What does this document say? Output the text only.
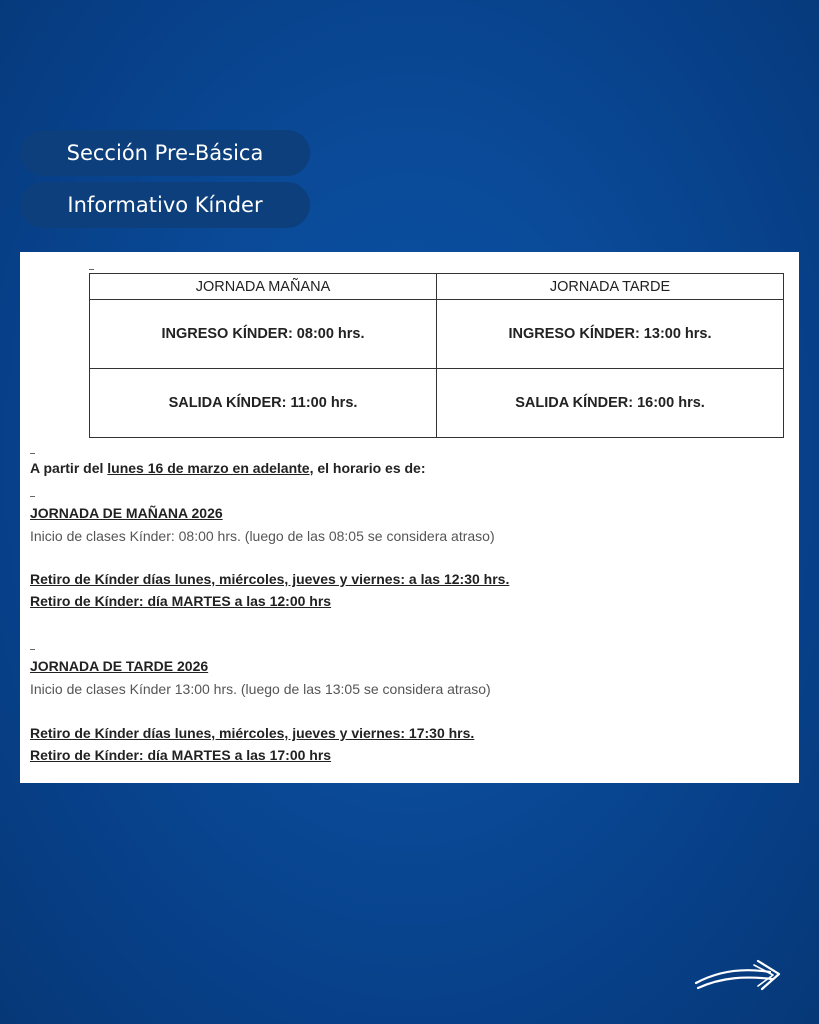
Sección Pre-Básica
Informativo Kínder
JORNADA MAÑANA	JORNADA TARDE
INGRESO KÍNDER: 08:00 hrs.	INGRESO KÍNDER: 13:00 hrs.
SALIDA KÍNDER: 11:00 hrs.	SALIDA KÍNDER: 16:00 hrs.
A partir del lunes 16 de marzo en adelante, el horario es de:
JORNADA DE MAÑANA 2026
Inicio de clases Kínder: 08:00 hrs. (luego de las 08:05 se considera atraso)
Retiro de Kínder días lunes, miércoles, jueves y viernes: a las 12:30 hrs.
Retiro de Kínder: día MARTES a las 12:00 hrs
JORNADA DE TARDE 2026
Inicio de clases Kínder 13:00 hrs. (luego de las 13:05 se considera atraso)
Retiro de Kínder días lunes, miércoles, jueves y viernes: 17:30 hrs.
Retiro de Kínder: día MARTES a las 17:00 hrs
